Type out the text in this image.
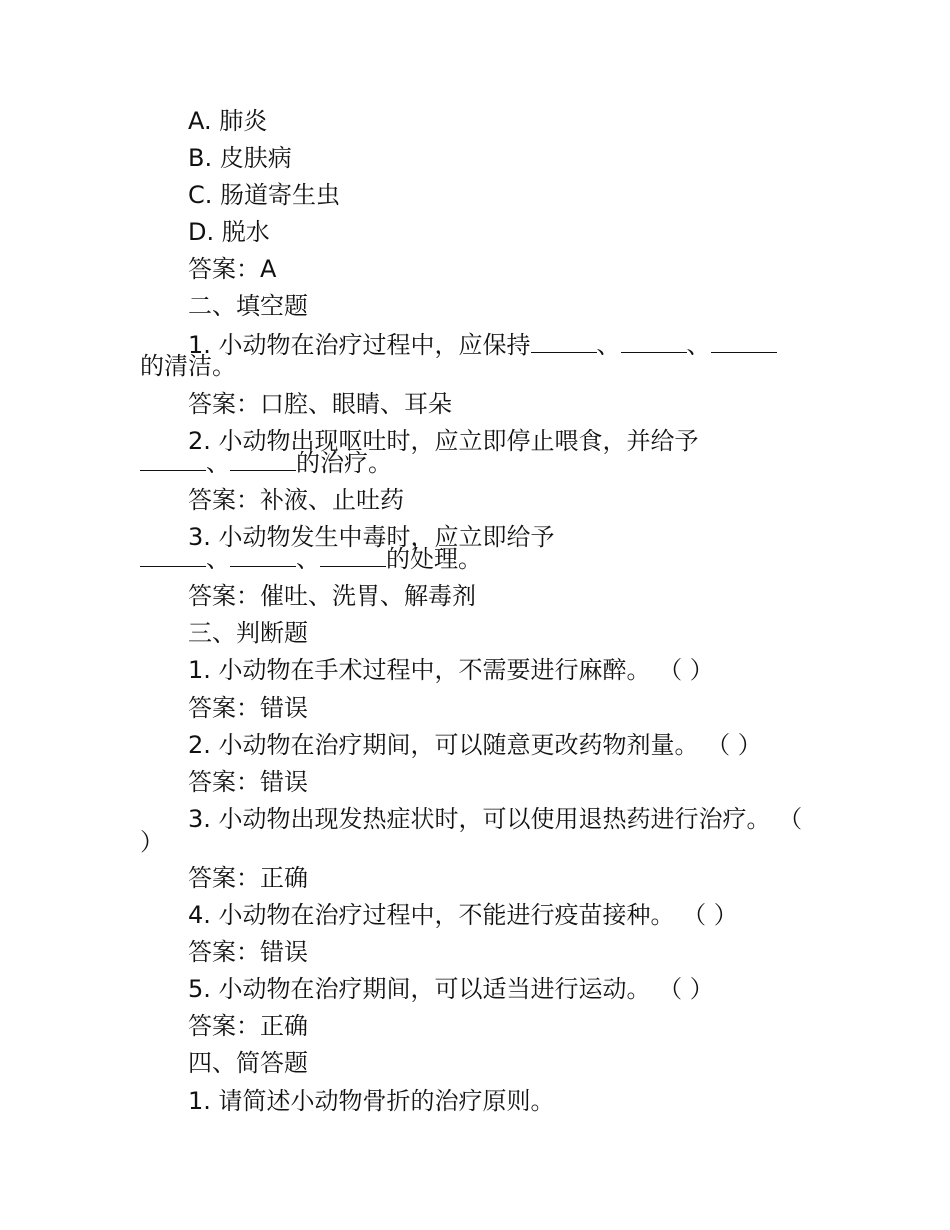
A. 肺炎
B. 皮肤病
C. 肠道寄生虫
D. 脱水
答案：A
二、填空题
1. 小动物在治疗过程中，应保持	、	、
的清洁。
答案：口腔、眼睛、耳朵
2. 小动物出现呕吐时，应立即停止喂食，并给予
、	的治疗。
答案：补液、止吐药
3. 小动物发生中毒时，应立即给予
、	、	的处理。
答案：催吐、洗胃、解毒剂
三、判断题
1. 小动物在手术过程中，不需要进行麻醉。 （ ）
答案：错误
2. 小动物在治疗期间，可以随意更改药物剂量。 （ ）
答案：错误
3. 小动物出现发热症状时，可以使用退热药进行治疗。 （
）
答案：正确
4. 小动物在治疗过程中，不能进行疫苗接种。 （ ）
答案：错误
5. 小动物在治疗期间，可以适当进行运动。 （ ）
答案：正确
四、简答题
1. 请简述小动物骨折的治疗原则。
